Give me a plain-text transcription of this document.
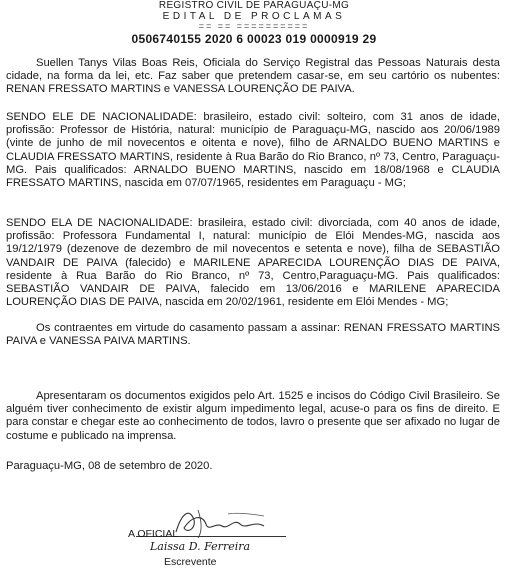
REGISTRO CIVIL DE PARAGUAÇU-MG
EDITAL DE PROCLAMAS
== == ==========
0506740155 2020 6 00023 019 0000919 29

Suellen Tanys Vilas Boas Reis, Oficiala do Serviço Registral das Pessoas Naturais desta cidade, na forma da lei, etc. Faz saber que pretendem casar-se, em seu cartório os nubentes: RENAN FRESSATO MARTINS e VANESSA LOURENÇÃO DE PAIVA.

SENDO ELE DE NACIONALIDADE: brasileiro, estado civil: solteiro, com 31 anos de idade, profissão: Professor de História, natural: município de Paraguaçu-MG, nascido aos 20/06/1989 (vinte de junho de mil novecentos e oitenta e nove), filho de ARNALDO BUENO MARTINS e CLAUDIA FRESSATO MARTINS, residente à Rua Barão do Rio Branco, nº 73, Centro, Paraguaçu-MG. Pais qualificados: ARNALDO BUENO MARTINS, nascido em 18/08/1968 e CLAUDIA FRESSATO MARTINS, nascida em 07/07/1965, residentes em Paraguaçu - MG;

SENDO ELA DE NACIONALIDADE: brasileira, estado civil: divorciada, com 40 anos de idade, profissão: Professora Fundamental I, natural: município de Elói Mendes-MG, nascida aos 19/12/1979 (dezenove de dezembro de mil novecentos e setenta e nove), filha de SEBASTIÃO VANDAIR DE PAIVA (falecido) e MARILENE APARECIDA LOURENÇÃO DIAS DE PAIVA, residente à Rua Barão do Rio Branco, nº 73, Centro,Paraguaçu-MG. Pais qualificados: SEBASTIÃO VANDAIR DE PAIVA, falecido em 13/06/2016 e MARILENE APARECIDA LOURENÇÃO DIAS DE PAIVA, nascida em 20/02/1961, residente em Elói Mendes - MG;

Os contraentes em virtude do casamento passam a assinar: RENAN FRESSATO MARTINS PAIVA e VANESSA PAIVA MARTINS.

Apresentaram os documentos exigidos pelo Art. 1525 e incisos do Código Civil Brasileiro. Se alguém tiver conhecimento de existir algum impedimento legal, acuse-o para os fins de direito. E para constar e chegar este ao conhecimento de todos, lavro o presente que ser afixado no lugar de costume e publicado na imprensa.

Paraguaçu-MG, 08 de setembro de 2020.
A OFICIAL
Laissa D. Ferreira
Escrevente
